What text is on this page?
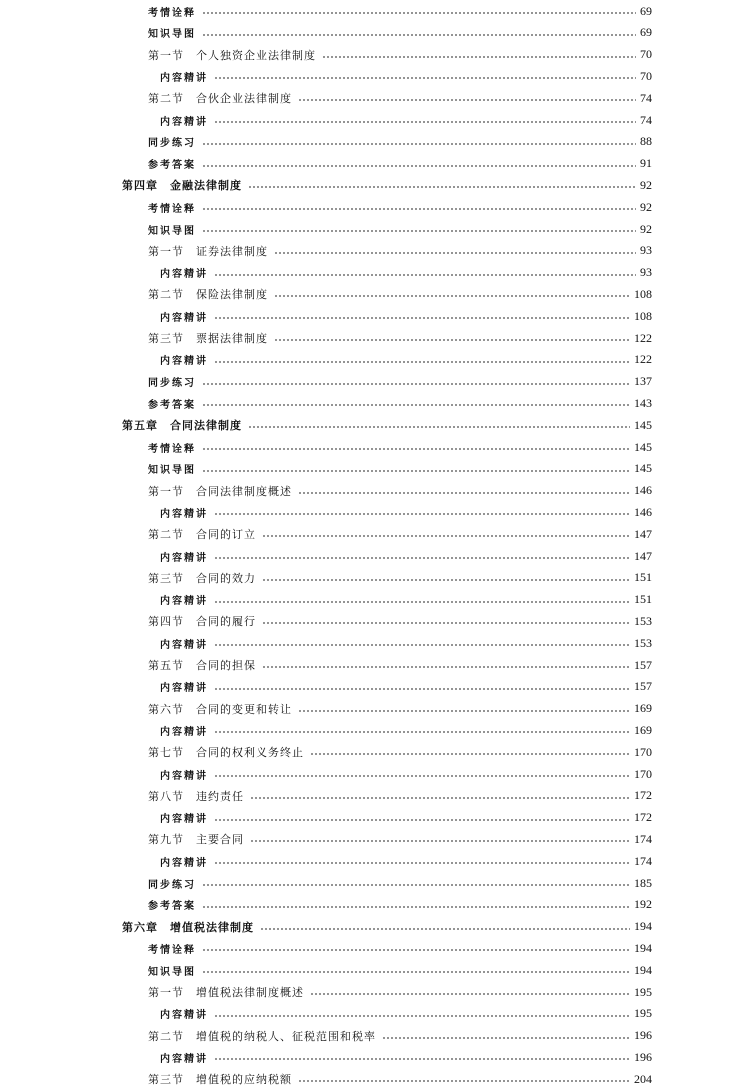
考情诠释	69
知识导图	69
第一节　个人独资企业法律制度	70
内容精讲	70
第二节　合伙企业法律制度	74
内容精讲	74
同步练习	88
参考答案	91
第四章　金融法律制度	92
考情诠释	92
知识导图	92
第一节　证券法律制度	93
内容精讲	93
第二节　保险法律制度	108
内容精讲	108
第三节　票据法律制度	122
内容精讲	122
同步练习	137
参考答案	143
第五章　合同法律制度	145
考情诠释	145
知识导图	145
第一节　合同法律制度概述	146
内容精讲	146
第二节　合同的订立	147
内容精讲	147
第三节　合同的效力	151
内容精讲	151
第四节　合同的履行	153
内容精讲	153
第五节　合同的担保	157
内容精讲	157
第六节　合同的变更和转让	169
内容精讲	169
第七节　合同的权利义务终止	170
内容精讲	170
第八节　违约责任	172
内容精讲	172
第九节　主要合同	174
内容精讲	174
同步练习	185
参考答案	192
第六章　增值税法律制度	194
考情诠释	194
知识导图	194
第一节　增值税法律制度概述	195
内容精讲	195
第二节　增值税的纳税人、征税范围和税率	196
内容精讲	196
第三节　增值税的应纳税额	204
